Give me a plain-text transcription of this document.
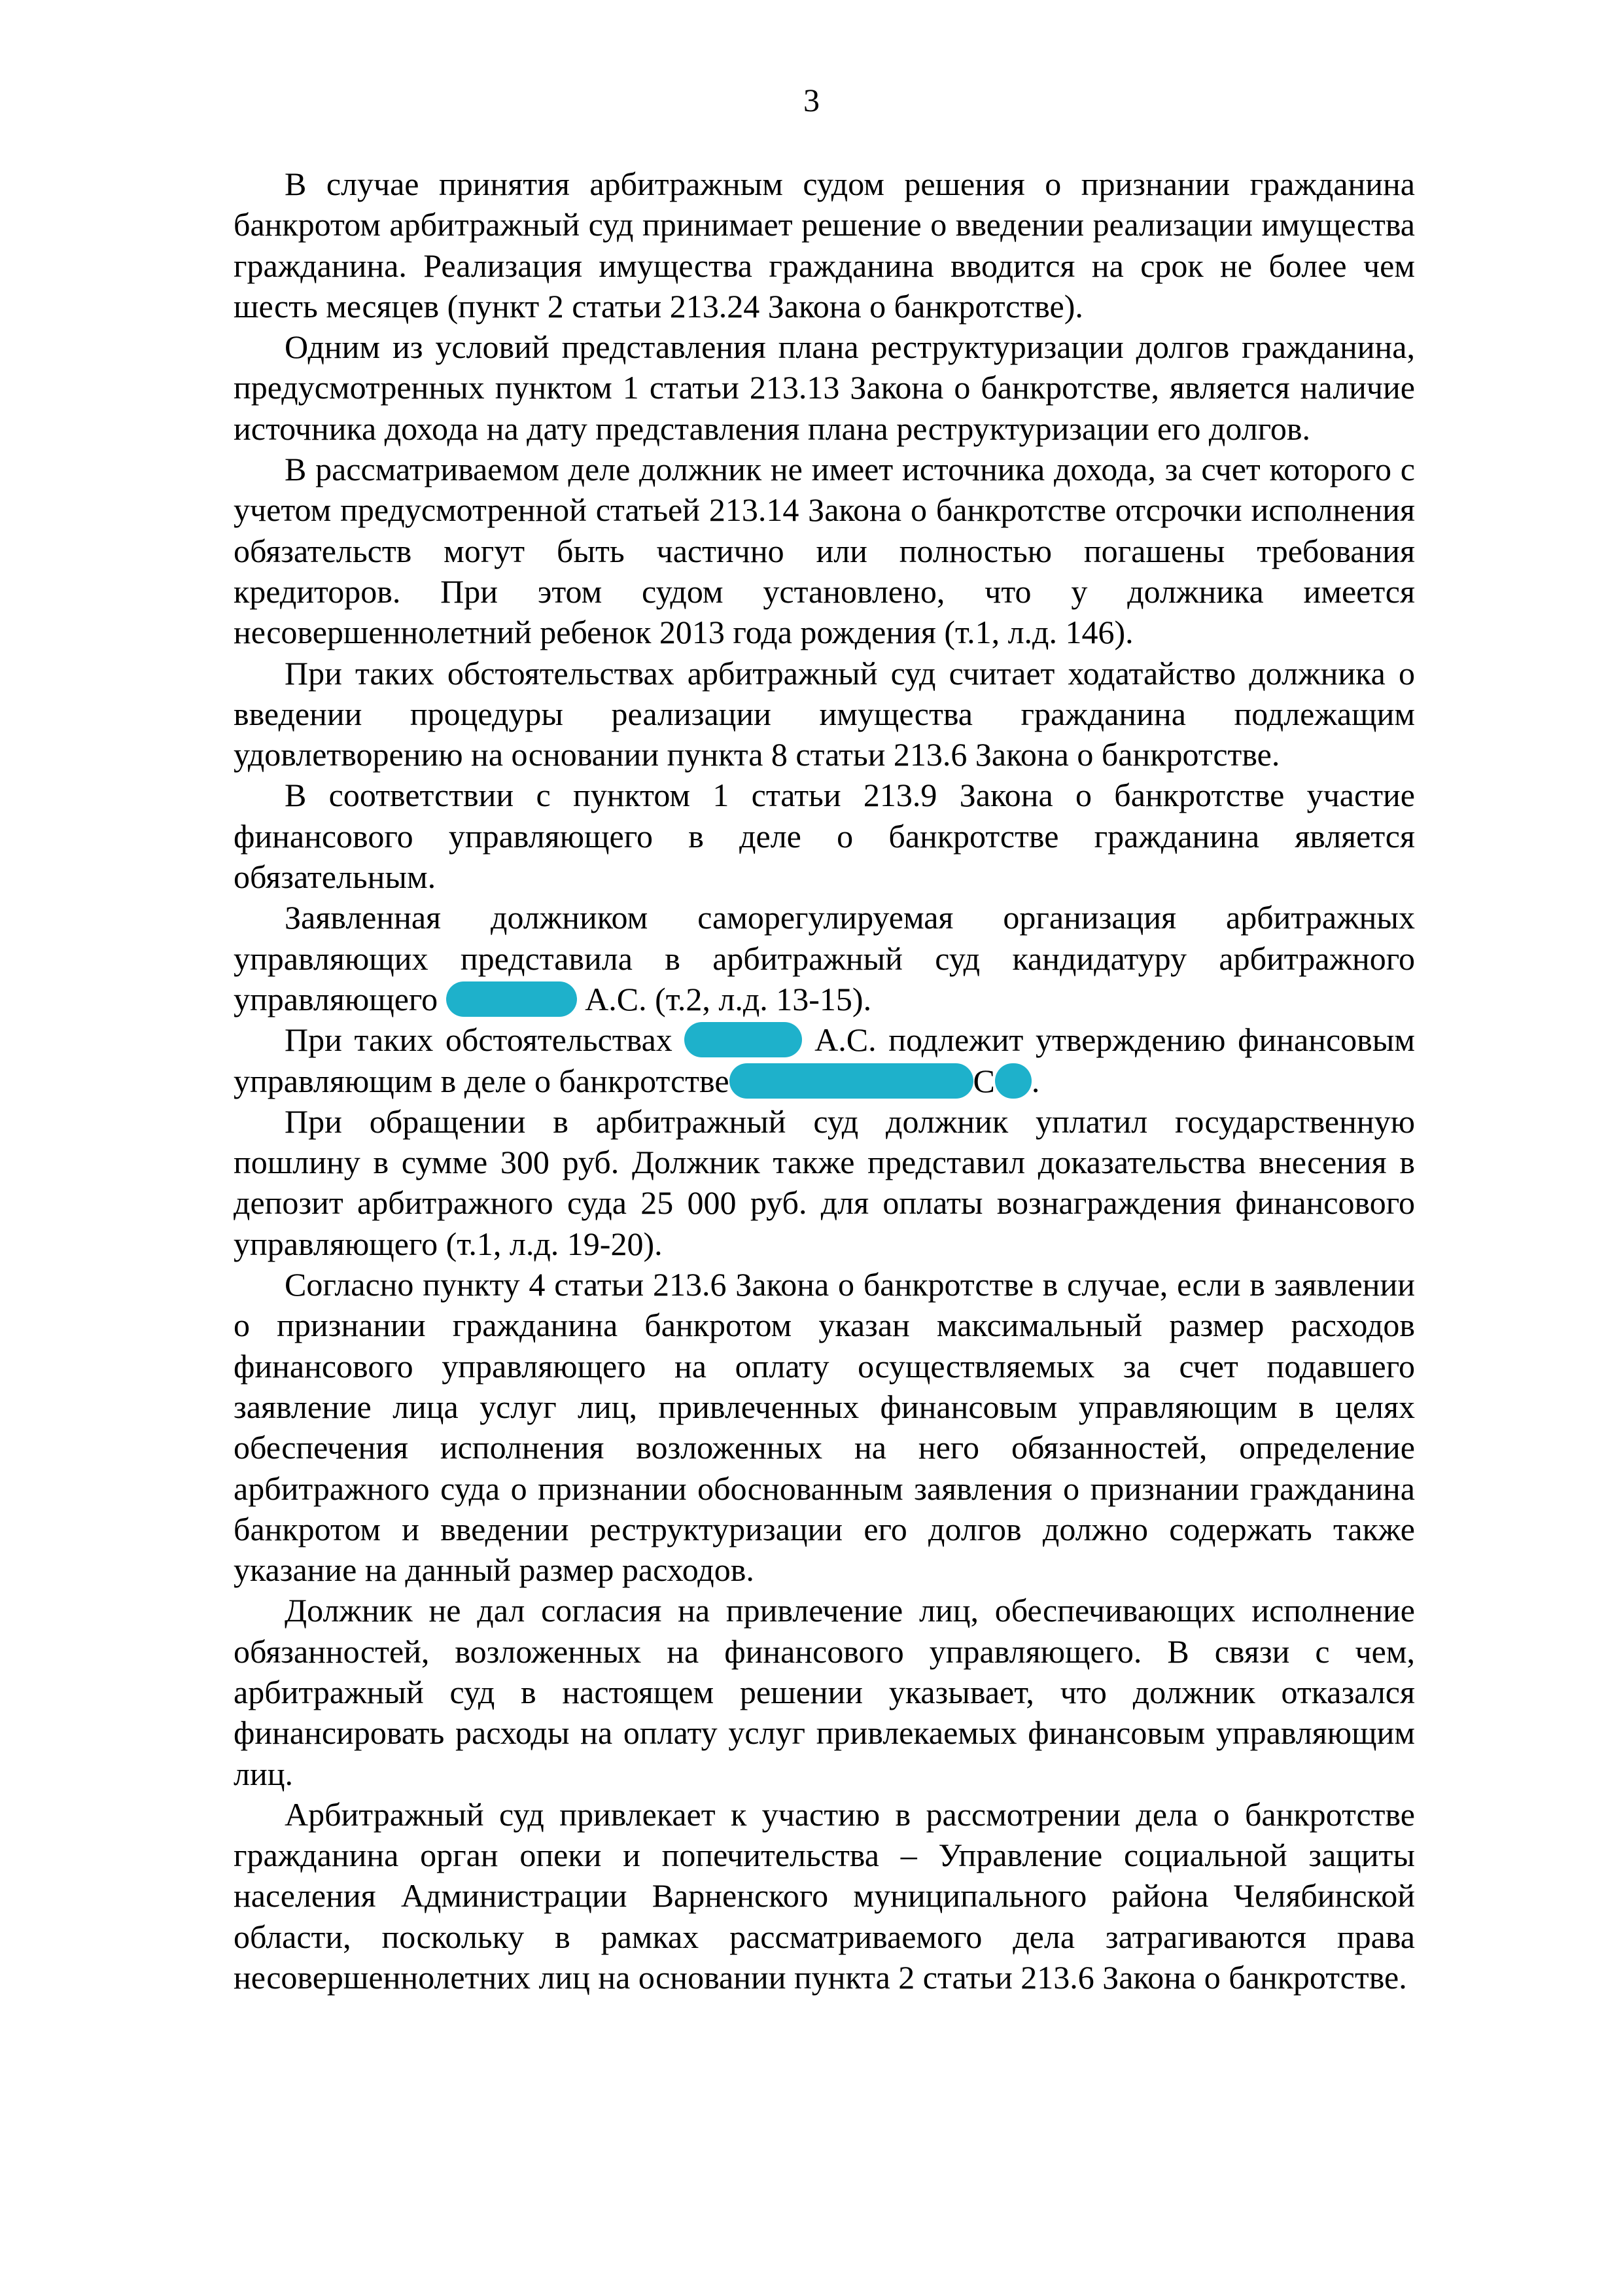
3

В случае принятия арбитражным судом решения о признании гражданина банкротом арбитражный суд принимает решение о введении реализации имущества гражданина. Реализация имущества гражданина вводится на срок не более чем шесть месяцев (пункт 2 статьи 213.24 Закона о банкротстве).

Одним из условий представления плана реструктуризации долгов гражданина, предусмотренных пунктом 1 статьи 213.13 Закона о банкротстве, является наличие источника дохода на дату представления плана реструктуризации его долгов.

В рассматриваемом деле должник не имеет источника дохода, за счет которого с учетом предусмотренной статьей 213.14 Закона о банкротстве отсрочки исполнения обязательств могут быть частично или полностью погашены требования кредиторов. При этом судом установлено, что у должника имеется несовершеннолетний ребенок 2013 года рождения (т.1, л.д. 146).

При таких обстоятельствах арбитражный суд считает ходатайство должника о введении процедуры реализации имущества гражданина подлежащим удовлетворению на основании пункта 8 статьи 213.6 Закона о банкротстве.

В соответствии с пунктом 1 статьи 213.9 Закона о банкротстве участие финансового управляющего в деле о банкротстве гражданина является обязательным.

Заявленная должником саморегулируемая организация арбитражных управляющих представила в арбитражный суд кандидатуру арбитражного управляющего	А.С. (т.2, л.д. 13-15).

При таких обстоятельствах	А.С. подлежит утверждению финансовым управляющим в деле о банкротстве	С .

При обращении в арбитражный суд должник уплатил государственную пошлину в сумме 300 руб. Должник также представил доказательства внесения в депозит арбитражного суда 25 000 руб. для оплаты вознаграждения финансового управляющего (т.1, л.д. 19-20).

Согласно пункту 4 статьи 213.6 Закона о банкротстве в случае, если в заявлении о признании гражданина банкротом указан максимальный размер расходов финансового управляющего на оплату осуществляемых за счет подавшего заявление лица услуг лиц, привлеченных финансовым управляющим в целях обеспечения исполнения возложенных на него обязанностей, определение арбитражного суда о признании обоснованным заявления о признании гражданина банкротом и введении реструктуризации его долгов должно содержать также указание на данный размер расходов.

Должник не дал согласия на привлечение лиц, обеспечивающих исполнение обязанностей, возложенных на финансового управляющего. В связи с чем, арбитражный суд в настоящем решении указывает, что должник отказался финансировать расходы на оплату услуг привлекаемых финансовым управляющим лиц.

Арбитражный суд привлекает к участию в рассмотрении дела о банкротстве гражданина орган опеки и попечительства – Управление социальной защиты населения Администрации Варненского муниципального района Челябинской области, поскольку в рамках рассматриваемого дела затрагиваются права несовершеннолетних лиц на основании пункта 2 статьи 213.6 Закона о банкротстве.
